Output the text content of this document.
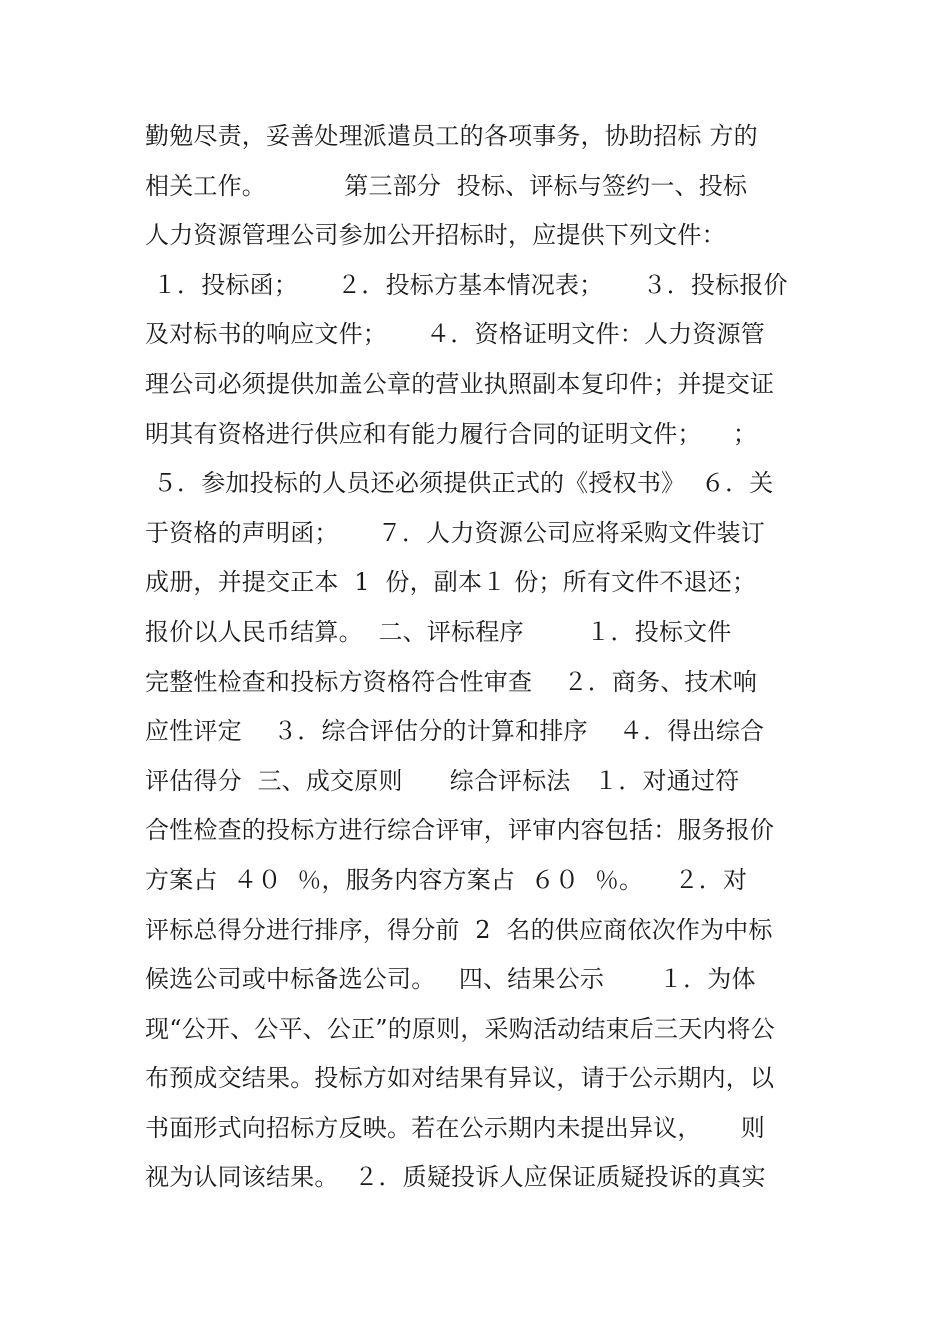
勤勉尽责，妥善处理派遣员工的各项事务，协助招标 方的
相关工作。          第三部分  投标、评标与签约一、投标
人力资源管理公司参加公开招标时，应提供下列文件：
１．投标函；     ２．投标方基本情况表；     ３．投标报价
及对标书的响应文件；     ４．资格证明文件：人力资源管
理公司必须提供加盖公章的营业执照副本复印件；并提交证
明其有资格进行供应和有能力履行合同的证明文件；    ；
５．参加投标的人员还必须提供正式的《授权书》  ６．关
于资格的声明函；     ７．人力资源公司应将采购文件装订
成册，并提交正本  1  份，副本１ 份；所有文件不退还；
报价以人民币结算。  二、评标程序        １．投标文件
完整性检查和投标方资格符合性审查    ２．商务、技术响
应性评定    ３．综合评估分的计算和排序    ４．得出综合
评估得分  三、成交原则      综合评标法   １．对通过符
合性检查的投标方进行综合评审，评审内容包括：服务报价
方案占  ４０  ％，服务内容方案占  ６０  ％。    ２．对
评标总得分进行排序，得分前  2  名的供应商依次作为中标
候选公司或中标备选公司。   四、结果公示       １．为体
现“公开、公平、公正”的原则，采购活动结束后三天内将公
布预成交结果。投标方如对结果有异议，请于公示期内，以
书面形式向招标方反映。若在公示期内未提出异议，     则
视为认同该结果。  ２．质疑投诉人应保证质疑投诉的真实
